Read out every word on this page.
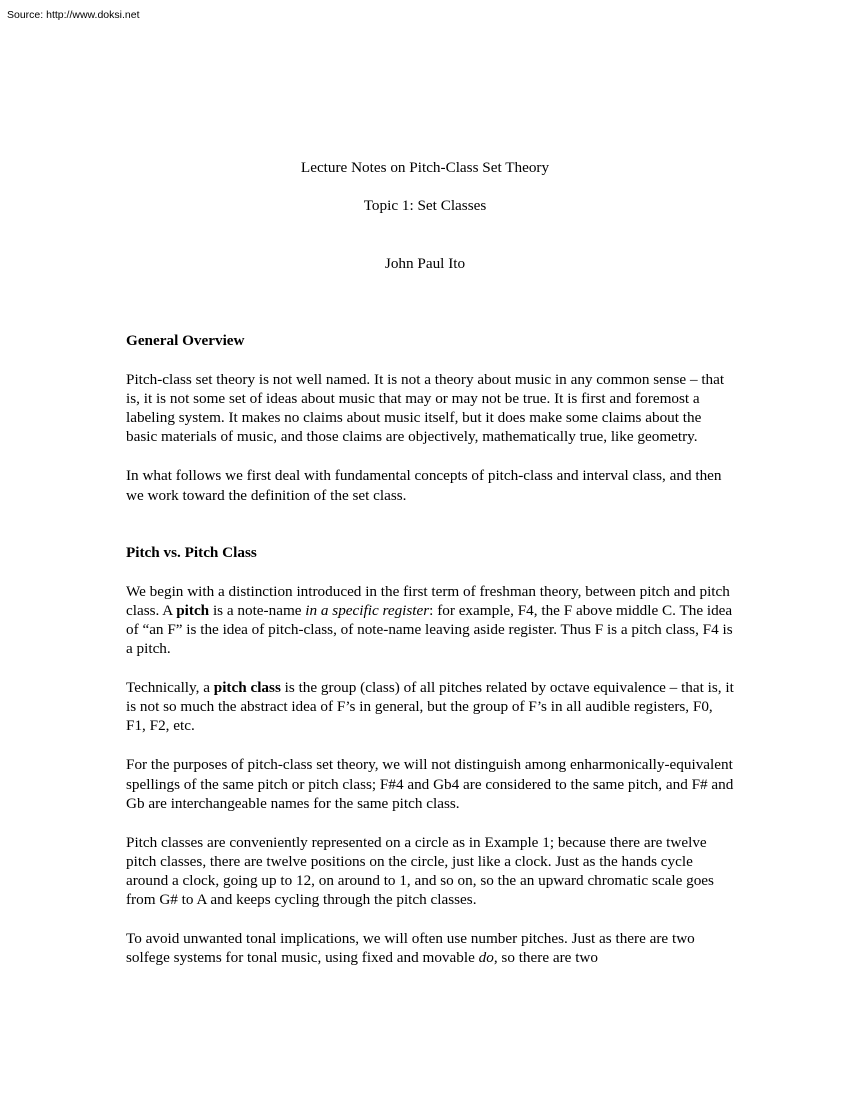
Source: http://www.doksi.net
Lecture Notes on Pitch-Class Set Theory
Topic 1: Set Classes
John Paul Ito
General Overview

Pitch-class set theory is not well named. It is not a theory about music in any common sense – that is, it is not some set of ideas about music that may or may not be true. It is first and foremost a labeling system. It makes no claims about music itself, but it does make some claims about the basic materials of music, and those claims are objectively, mathematically true, like geometry.

In what follows we first deal with fundamental concepts of pitch-class and interval class, and then we work toward the definition of the set class.

Pitch vs. Pitch Class

We begin with a distinction introduced in the first term of freshman theory, between pitch and pitch class. A pitch is a note-name in a specific register: for example, F4, the F above middle C. The idea of “an F” is the idea of pitch-class, of note-name leaving aside register. Thus F is a pitch class, F4 is a pitch.

Technically, a pitch class is the group (class) of all pitches related by octave equivalence – that is, it is not so much the abstract idea of F’s in general, but the group of F’s in all audible registers, F0, F1, F2, etc.

For the purposes of pitch-class set theory, we will not distinguish among enharmonically-equivalent spellings of the same pitch or pitch class; F#4 and Gb4 are considered to the same pitch, and F# and Gb are interchangeable names for the same pitch class.

Pitch classes are conveniently represented on a circle as in Example 1; because there are twelve pitch classes, there are twelve positions on the circle, just like a clock. Just as the hands cycle around a clock, going up to 12, on around to 1, and so on, so the an upward chromatic scale goes from G# to A and keeps cycling through the pitch classes.

To avoid unwanted tonal implications, we will often use number pitches. Just as there are two solfege systems for tonal music, using fixed and movable do, so there are two
